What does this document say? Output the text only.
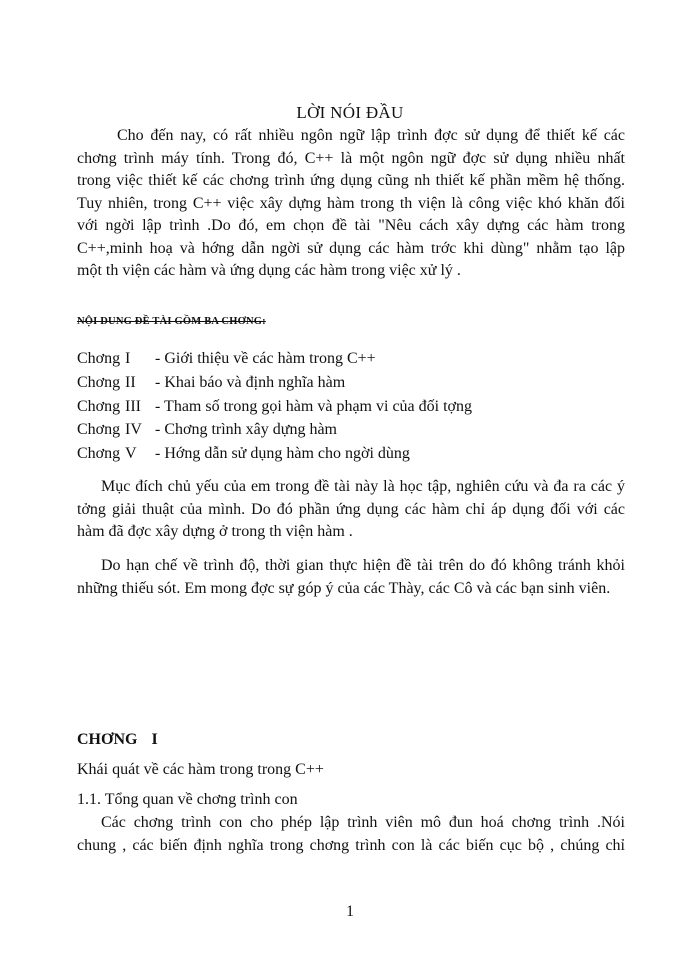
LỜI NÓI ĐẦU
Cho đến nay, có rất nhiều ngôn ngữ lập trình đợc sử dụng để thiết kế các
chơng trình máy tính. Trong đó, C++ là một ngôn ngữ đợc sử dụng nhiều nhất
trong việc thiết kế các chơng trình ứng dụng cũng nh thiết kế phần mềm hệ thống.
Tuy nhiên, trong C++ việc xây dựng hàm trong th viện là công việc khó khăn đối
với ngời lập trình .Do đó, em chọn đề tài "Nêu cách xây dựng các hàm trong
C++,minh hoạ và hớng dẫn ngời sử dụng các hàm trớc khi dùng" nhằm tạo lập
một th viện các hàm và ứng dụng các hàm trong việc xử lý .
NỘI DUNG ĐỀ TÀI GỒM BA CHƠNG:
Chơng I - Giới thiệu về các hàm trong C++
Chơng II - Khai báo và định nghĩa hàm
Chơng III - Tham số trong gọi hàm và phạm vi của đối tợng
Chơng IV - Chơng trình xây dựng hàm
Chơng V - Hớng dẫn sử dụng hàm cho ngời dùng
Mục đích chủ yếu của em trong đề tài này là học tập, nghiên cứu và đa ra các ý
tởng giải thuật của mình. Do đó phần ứng dụng các hàm chỉ áp dụng đối với các
hàm đã đợc xây dựng ở trong th viện hàm .
Do hạn chế về trình độ, thời gian thực hiện đề tài trên do đó không tránh khỏi
những thiếu sót. Em mong đợc sự góp ý của các Thày, các Cô và các bạn sinh viên.
CHƠNG I
Khái quát về các hàm trong trong C++
1.1. Tổng quan về chơng trình con
Các chơng trình con cho phép lập trình viên mô đun hoá chơng trình .Nói
chung , các biến định nghĩa trong chơng trình con là các biến cục bộ , chúng chỉ
1
